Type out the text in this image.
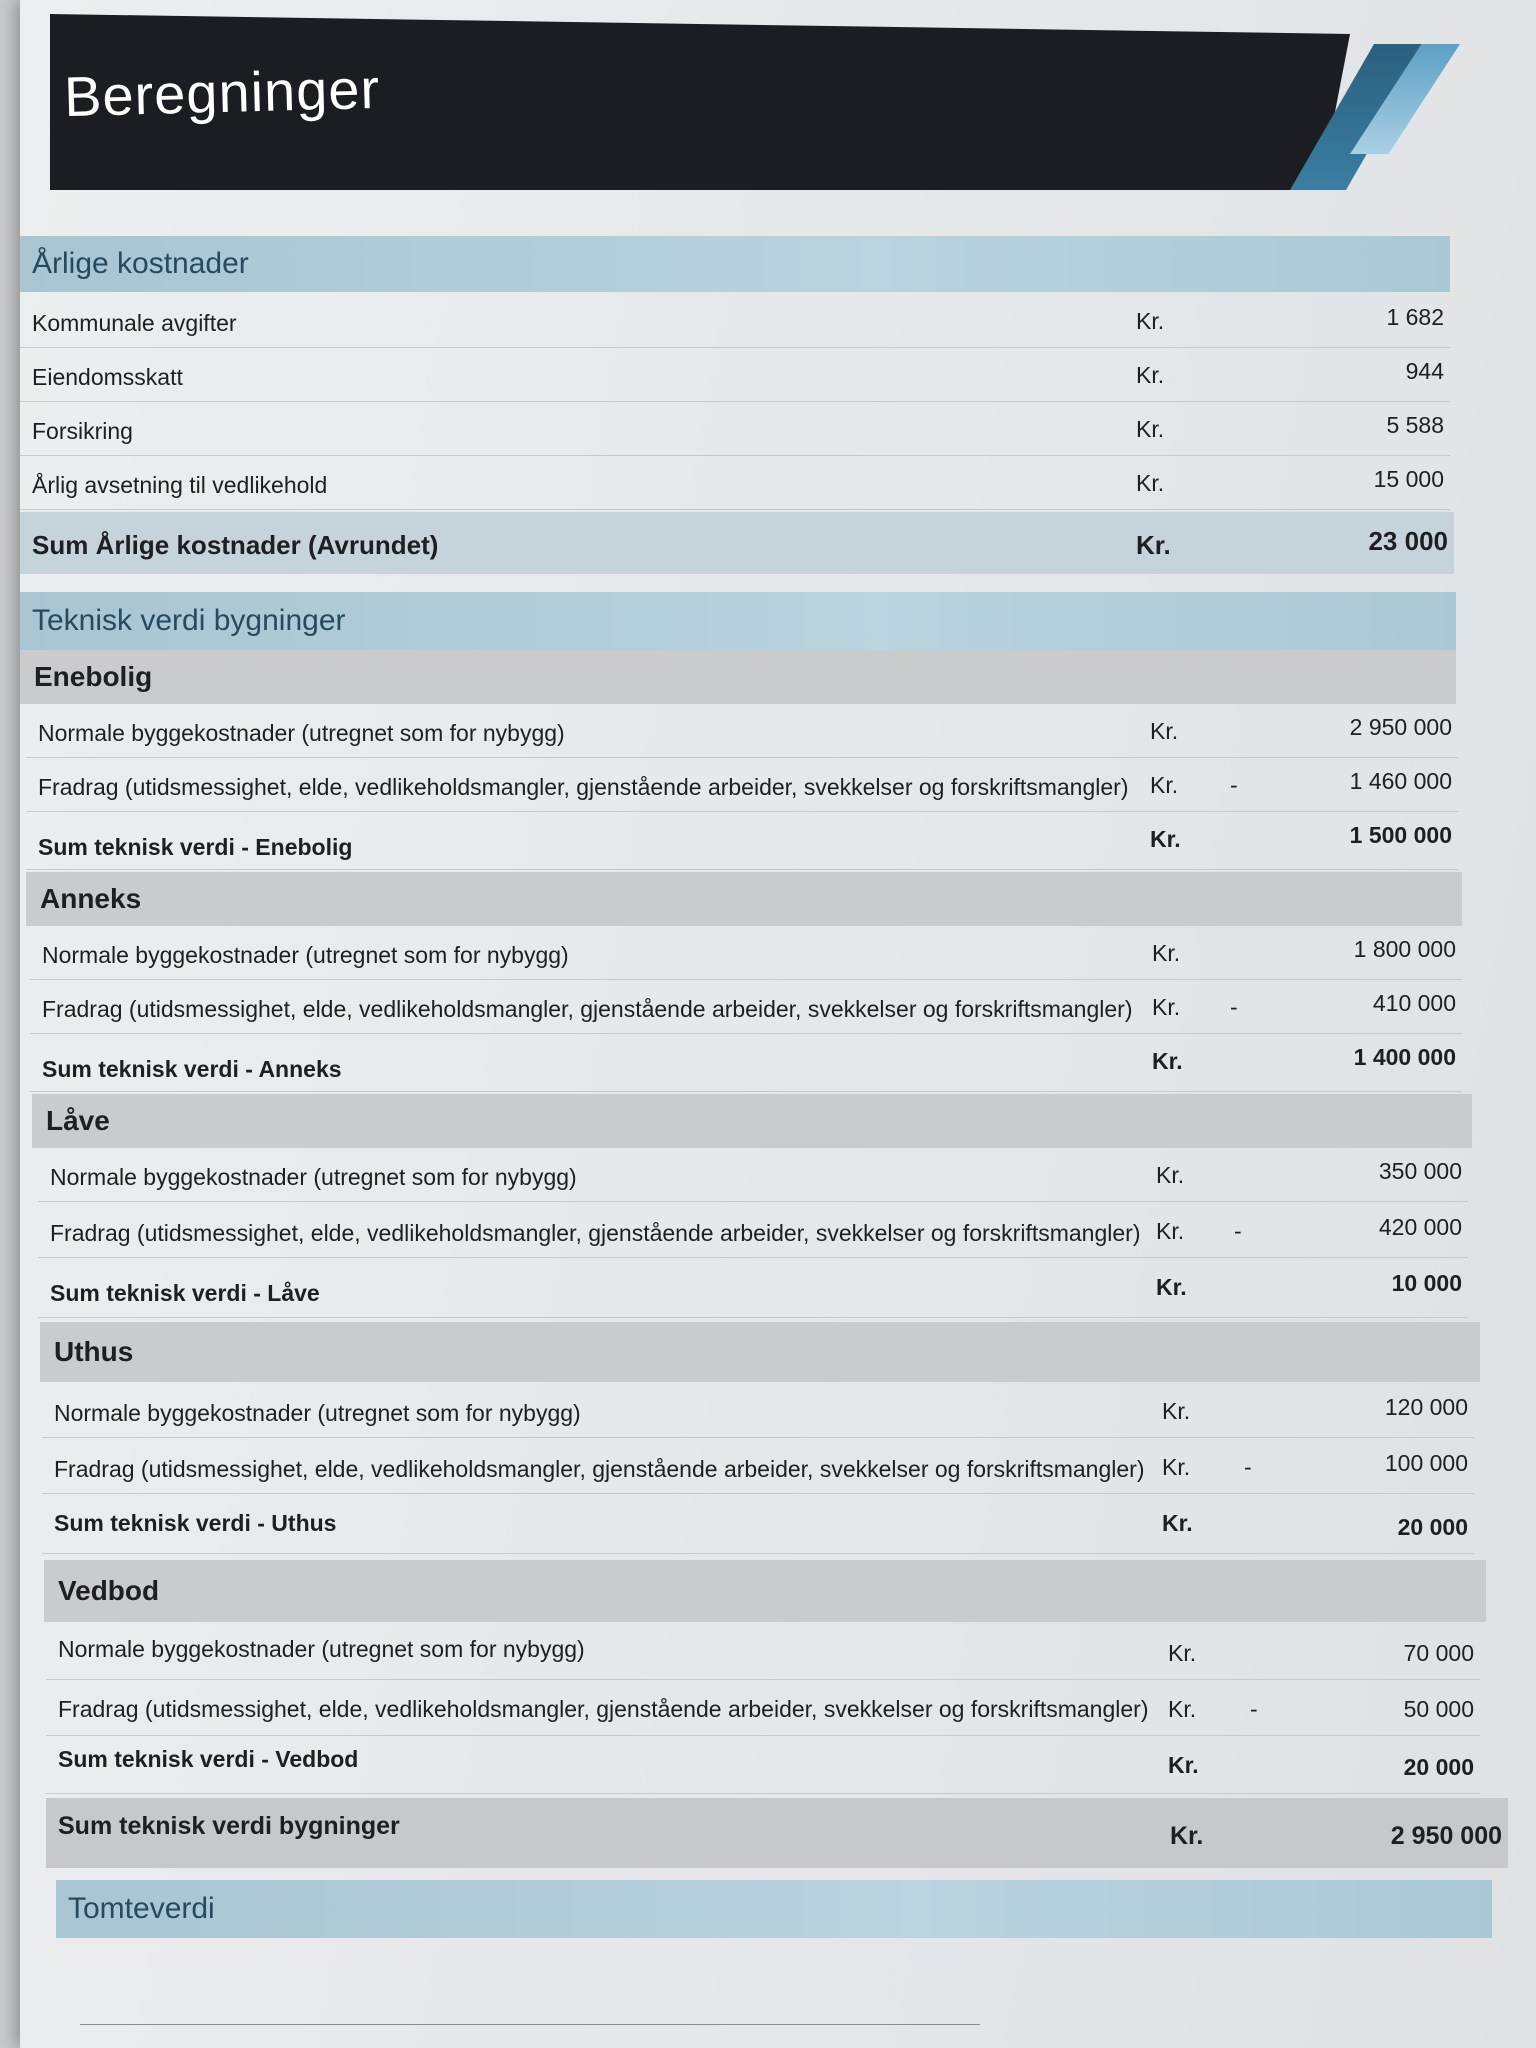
Beregninger
Årlige kostnader
Kommunale avgifter	Kr.	1 682
Eiendomsskatt	Kr.	944
Forsikring	Kr.	5 588
Årlig avsetning til vedlikehold	Kr.	15 000
Sum Årlige kostnader (Avrundet)	Kr.	23 000
Teknisk verdi bygninger
Enebolig
Normale byggekostnader (utregnet som for nybygg)	Kr.	2 950 000
Fradrag (utidsmessighet, elde, vedlikeholdsmangler, gjenstående arbeider, svekkelser og forskriftsmangler) Kr. -	1 460 000
Sum teknisk verdi - Enebolig	Kr.	1 500 000
Anneks
Normale byggekostnader (utregnet som for nybygg)	Kr.	1 800 000
Fradrag (utidsmessighet, elde, vedlikeholdsmangler, gjenstående arbeider, svekkelser og forskriftsmangler) Kr. -	410 000
Sum teknisk verdi - Anneks	Kr.	1 400 000
Låve
Normale byggekostnader (utregnet som for nybygg)	Kr.	350 000
Fradrag (utidsmessighet, elde, vedlikeholdsmangler, gjenstående arbeider, svekkelser og forskriftsmangler) Kr. -	420 000
Sum teknisk verdi - Låve	Kr.	10 000
Uthus
Normale byggekostnader (utregnet som for nybygg)	Kr.	120 000
Fradrag (utidsmessighet, elde, vedlikeholdsmangler, gjenstående arbeider, svekkelser og forskriftsmangler) Kr. -	100 000
Sum teknisk verdi - Uthus	Kr.	20 000
Vedbod
Normale byggekostnader (utregnet som for nybygg)	Kr.	70 000
Fradrag (utidsmessighet, elde, vedlikeholdsmangler, gjenstående arbeider, svekkelser og forskriftsmangler) Kr. -	50 000
Sum teknisk verdi - Vedbod	Kr.	20 000
Sum teknisk verdi bygninger	Kr.	2 950 000
Tomteverdi
